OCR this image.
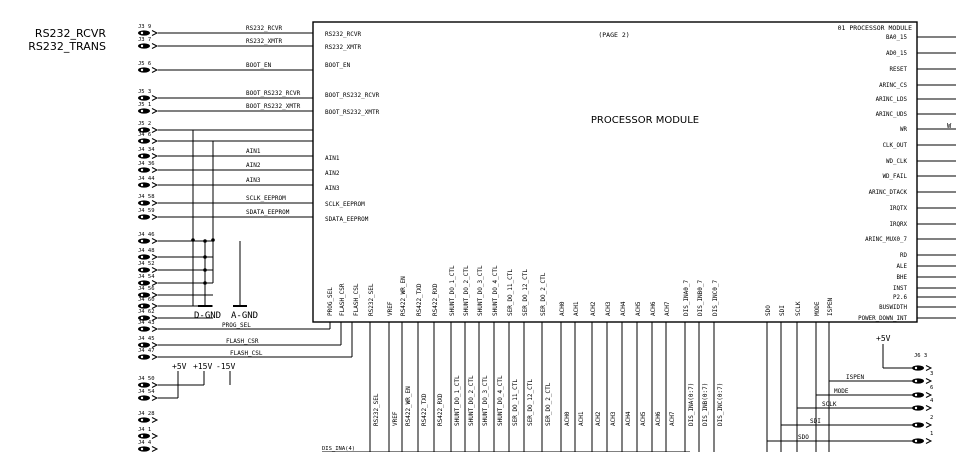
RS232_RCVR
RS232_TRANS
(PAGE 2)
01 PROCESSOR MODULE
PROCESSOR MODULE	W
J3 9	RS232_RCVR
J3 7	RS232_XMTR
J5 6	BOOT_EN
J5 3	BOOT_RS232_RCVR
J5 1	BOOT_RS232_XMTR
J5 2
J4 6
J4 34	AIN1
J4 36	AIN2
J4 44	AIN3
J4 58	SCLK_EEPROM
J4 59	SDATA_EEPROM
J4 46
J4 48
J4 52
J4 54
J4 56
J4 60
J4 62
J4 43	PROG_SEL
J4 45	FLASH_CSR
J4 47	FLASH_CSL
J4 50
J4 54
J4 28
J4 1
J4 4
RS232_RCVR
RS232_XMTR
BOOT_EN
BOOT_RS232_RCVR
BOOT_RS232_XMTR
AIN1
AIN2
AIN3
SCLK_EEPROM
SDATA_EEPROM
BA0_15
AD0_15
RESET
ARINC_CS
ARINC_LDS
ARINC_UDS
WR
CLK_OUT
WD_CLK
WD_FAIL
ARINC_DTACK
IRQTX
IRQRX
ARINC_MUX0_7
RD
ALE
BHE
INST
P2.6
BUSWIDTH
POWER_DOWN_INT
PROG_SEL FLASH_CSR FLASH_CSL RS232_SEL VREF RS422_WR_EN RS422_TXD RS422_RXD SHUNT_DO_1_CTL SHUNT_DO_2_CTL SHUNT_DO_3_CTL SHUNT_DO_4_CTL SER_DO_11_CTL SER_DO_12_CTL SER_DO_2_CTL ACH0 ACH1 ACH2 ACH3 ACH4 ACH5 ACH6 ACH7 DIS_INA0_7 DIS_INB0_7 DIS_INC0_7	SDO SDI SCLK MODE ISPEN
RS232_SEL VREF RS422_WR_EN RS422_TXD RS422_RXD SHUNT_DO_1_CTL SHUNT_DO_2_CTL SHUNT_DO_3_CTL SHUNT_DO_4_CTL SER_DO_11_CTL SER_DO_12_CTL SER_DO_2_CTL ACH0 ACH1 ACH2 ACH3 ACH4 ACH5 ACH6 ACH7 DIS_INA(0:7) DIS_INB(0:7) DIS_INC(0:7)
DIS_INA(4)
D-GND A-GND
+5V +15V -15V
+5V
J6 3
3
ISPEN
6
MODE
4
SCLK
2
SDI
1
SDO
